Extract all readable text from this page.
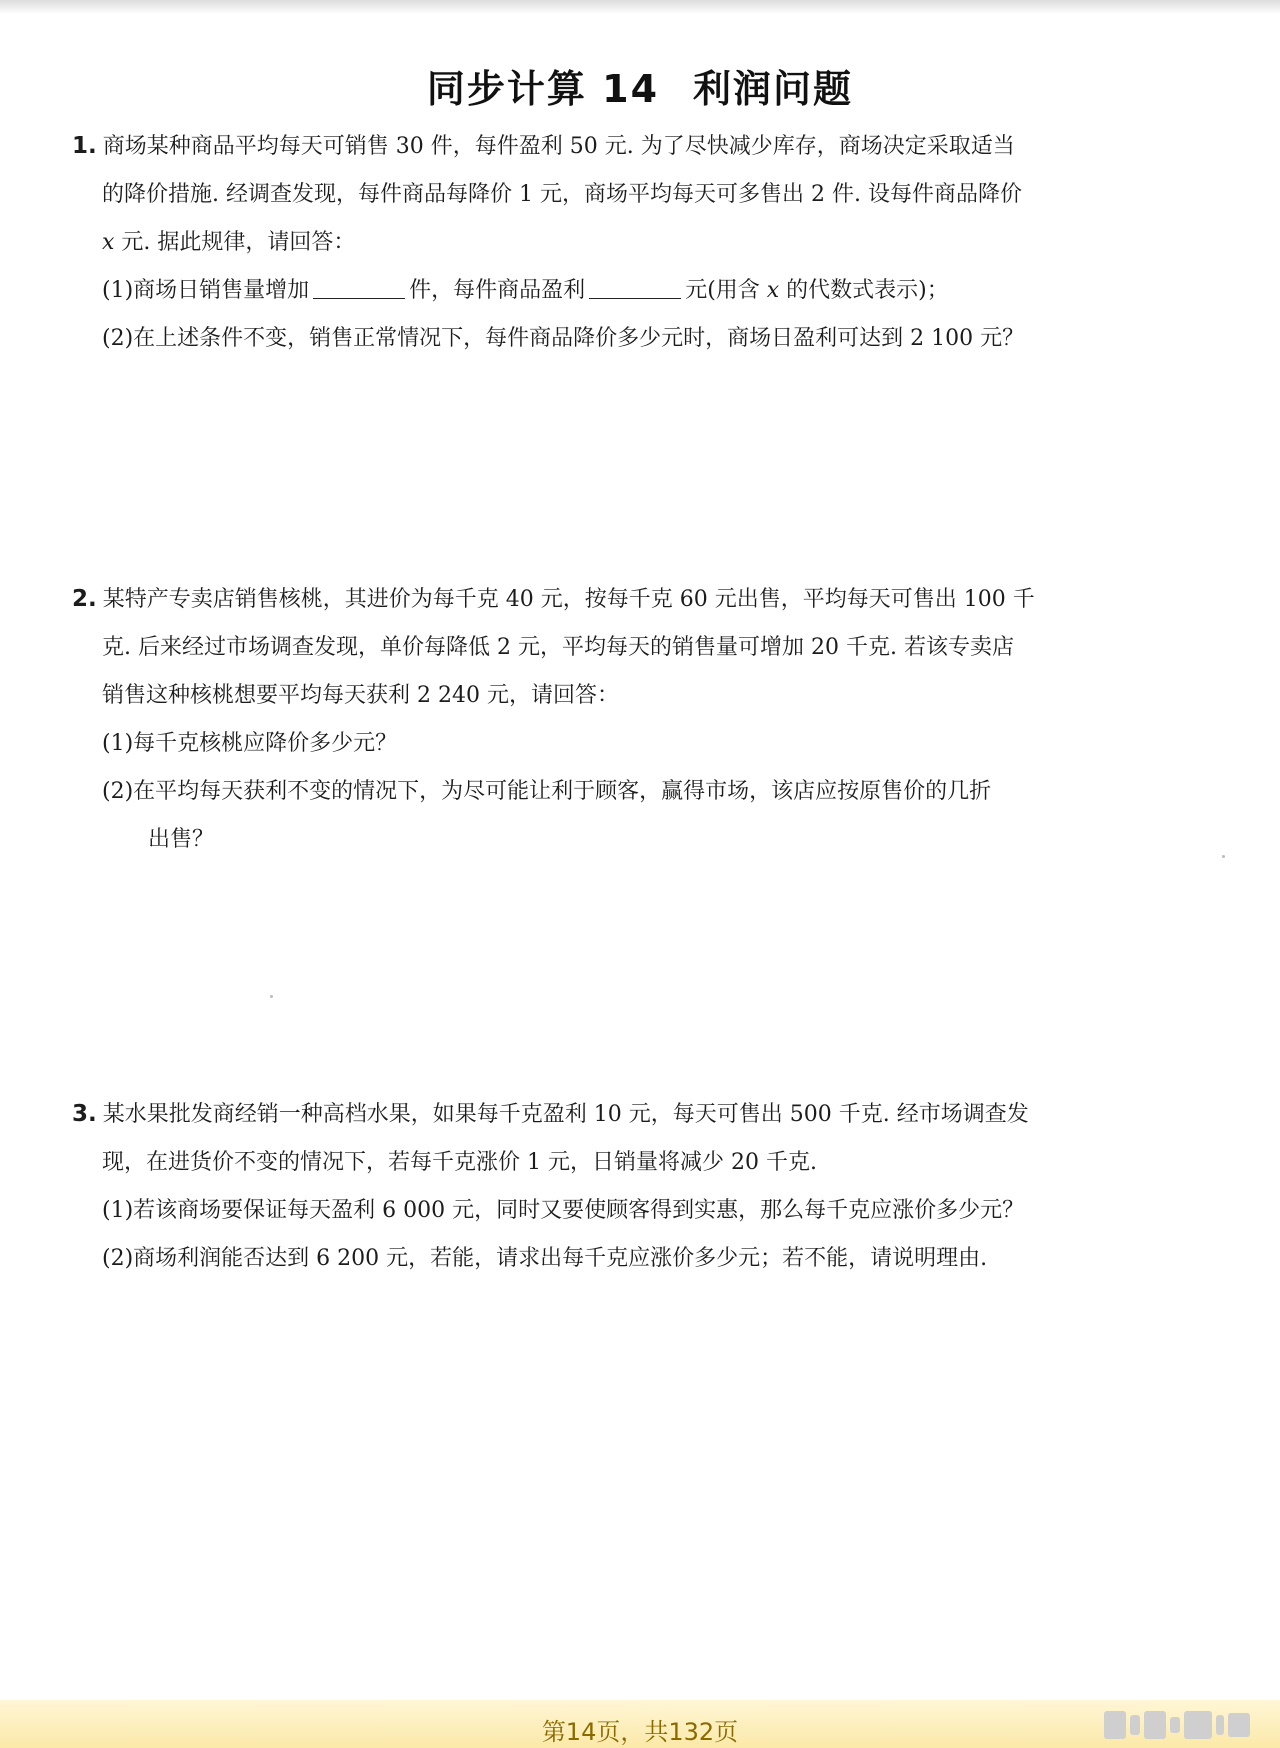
同步计算 14 利润问题
1. 商场某种商品平均每天可销售 30 件，每件盈利 50 元. 为了尽快减少库存，商场决定采取适当
的降价措施. 经调查发现，每件商品每降价 1 元，商场平均每天可多售出 2 件. 设每件商品降价
x 元. 据此规律，请回答：
(1)商场日销售量增加	件，每件商品盈利	元(用含 x 的代数式表示)；
(2)在上述条件不变，销售正常情况下，每件商品降价多少元时，商场日盈利可达到 2 100 元？
2. 某特产专卖店销售核桃，其进价为每千克 40 元，按每千克 60 元出售，平均每天可售出 100 千
克. 后来经过市场调查发现，单价每降低 2 元，平均每天的销售量可增加 20 千克. 若该专卖店
销售这种核桃想要平均每天获利 2 240 元，请回答：
(1)每千克核桃应降价多少元？
(2)在平均每天获利不变的情况下，为尽可能让利于顾客，赢得市场，该店应按原售价的几折
出售？
3. 某水果批发商经销一种高档水果，如果每千克盈利 10 元，每天可售出 500 千克. 经市场调查发
现，在进货价不变的情况下，若每千克涨价 1 元，日销量将减少 20 千克.
(1)若该商场要保证每天盈利 6 000 元，同时又要使顾客得到实惠，那么每千克应涨价多少元？
(2)商场利润能否达到 6 200 元，若能，请求出每千克应涨价多少元；若不能，请说明理由.
第14页，共132页
